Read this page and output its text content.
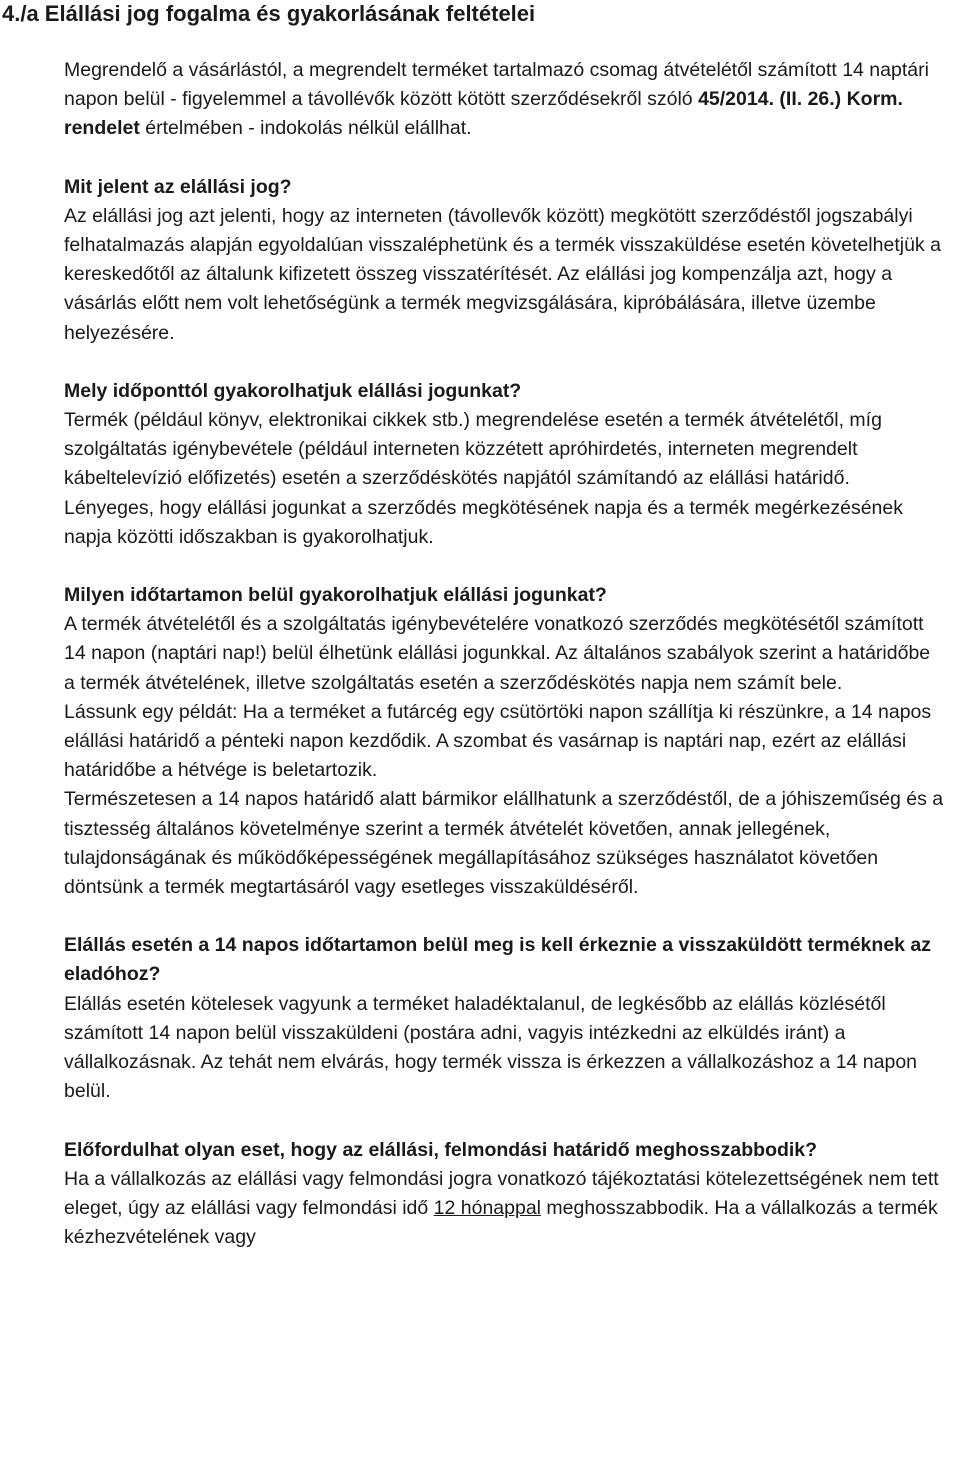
4./a Elállási jog fogalma és gyakorlásának feltételei

Megrendelő a vásárlástól, a megrendelt terméket tartalmazó csomag átvételétől számított 14 naptári napon belül - figyelemmel a távollévők között kötött szerződésekről szóló 45/2014. (II. 26.) Korm. rendelet értelmében - indokolás nélkül elállhat.

Mit jelent az elállási jog?
Az elállási jog azt jelenti, hogy az interneten (távollevők között) megkötött szerződéstől jogszabályi felhatalmazás alapján egyoldalúan visszaléphetünk és a termék visszaküldése esetén követelhetjük a kereskedőtől az általunk kifizetett összeg visszatérítését. Az elállási jog kompenzálja azt, hogy a vásárlás előtt nem volt lehetőségünk a termék megvizsgálására, kipróbálására, illetve üzembe helyezésére.
Mely időponttól gyakorolhatjuk elállási jogunkat?
Termék (például könyv, elektronikai cikkek stb.) megrendelése esetén a termék átvételétől, míg szolgáltatás igénybevétele (például interneten közzétett apróhirdetés, interneten megrendelt kábeltelevízió előfizetés) esetén a szerződéskötés napjától számítandó az elállási határidő. Lényeges, hogy elállási jogunkat a szerződés megkötésének napja és a termék megérkezésének napja közötti időszakban is gyakorolhatjuk.
Milyen időtartamon belül gyakorolhatjuk elállási jogunkat?
A termék átvételétől és a szolgáltatás igénybevételére vonatkozó szerződés megkötésétől számított 14 napon (naptári nap!) belül élhetünk elállási jogunkkal. Az általános szabályok szerint a határidőbe a termék átvételének, illetve szolgáltatás esetén a szerződéskötés napja nem számít bele.
Lássunk egy példát: Ha a terméket a futárcég egy csütörtöki napon szállítja ki részünkre, a 14 napos elállási határidő a pénteki napon kezdődik. A szombat és vasárnap is naptári nap, ezért az elállási határidőbe a hétvége is beletartozik.
Természetesen a 14 napos határidő alatt bármikor elállhatunk a szerződéstől, de a jóhiszeműség és a tisztesség általános követelménye szerint a termék átvételét követően, annak jellegének, tulajdonságának és működőképességének megállapításához szükséges használatot követően döntsünk a termék megtartásáról vagy esetleges visszaküldéséről.
Elállás esetén a 14 napos időtartamon belül meg is kell érkeznie a visszaküldött terméknek az eladóhoz?
Elállás esetén kötelesek vagyunk a terméket haladéktalanul, de legkésőbb az elállás közlésétől számított 14 napon belül visszaküldeni (postára adni, vagyis intézkedni az elküldés iránt) a vállalkozásnak. Az tehát nem elvárás, hogy termék vissza is érkezzen a vállalkozáshoz a 14 napon belül.
Előfordulhat olyan eset, hogy az elállási, felmondási határidő meghosszabbodik?
Ha a vállalkozás az elállási vagy felmondási jogra vonatkozó tájékoztatási kötelezettségének nem tett eleget, úgy az elállási vagy felmondási idő 12 hónappal meghosszabbodik. Ha a vállalkozás a termék kézhezvételének vagy
